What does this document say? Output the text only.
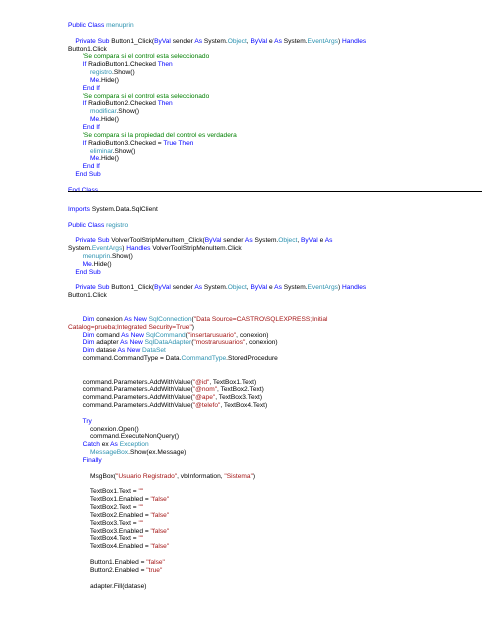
Public Class menuprin
Private Sub Button1_Click(ByVal sender As System.Object, ByVal e As System.EventArgs) Handles
Button1.Click
'Se compara si el control esta seleccionado
If RadioButton1.Checked Then
registro.Show()
Me.Hide()
End If
'Se compara si el control esta seleccionado
If RadioButton2.Checked Then
modificar.Show()
Me.Hide()
End If
'Se compara si la propiedad del control es verdadera
If RadioButton3.Checked = True Then
eliminar.Show()
Me.Hide()
End If
End Sub
End Class
Imports System.Data.SqlClient
Public Class registro
Private Sub VolverToolStripMenuItem_Click(ByVal sender As System.Object, ByVal e As
System.EventArgs) Handles VolverToolStripMenuItem.Click
menuprin.Show()
Me.Hide()
End Sub
Private Sub Button1_Click(ByVal sender As System.Object, ByVal e As System.EventArgs) Handles
Button1.Click
Dim conexion As New SqlConnection("Data Source=CASTRO\SQLEXPRESS;Initial
Catalog=prueba;Integrated Security=True")
Dim comand As New SqlCommand("insertarusuario", conexion)
Dim adapter As New SqlDataAdapter("mostrarusuarios", conexion)
Dim datase As New DataSet
command.CommandType = Data.CommandType.StoredProcedure
command.Parameters.AddWithValue("@id", TextBox1.Text)
command.Parameters.AddWithValue("@nom", TextBox2.Text)
command.Parameters.AddWithValue("@ape", TextBox3.Text)
command.Parameters.AddWithValue("@telefo", TextBox4.Text)
Try
conexion.Open()
command.ExecuteNonQuery()
Catch ex As Exception
MessageBox.Show(ex.Message)
Finally
MsgBox("Usuario Registrado", vbInformation, "Sistema")
TextBox1.Text = ""
TextBox1.Enabled = "false"
TextBox2.Text = ""
TextBox2.Enabled = "false"
TextBox3.Text = ""
TextBox3.Enabled = "false"
TextBox4.Text = ""
TextBox4.Enabled = "false"
Button1.Enabled = "false"
Button2.Enabled = "true"
adapter.Fill(datase)
